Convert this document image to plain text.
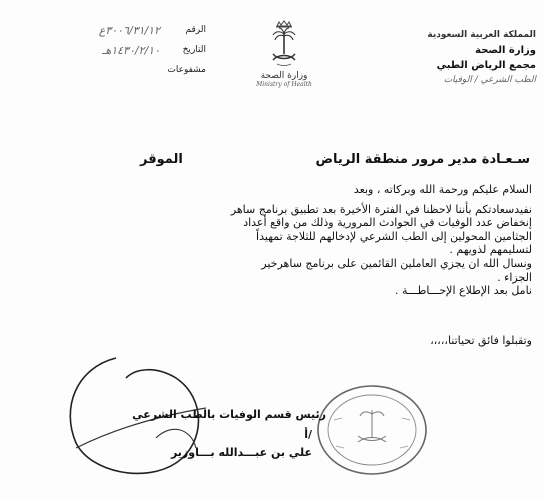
المملكة العربية السعودية
وزارة الصحة
مجمع الرياض الطبي
الطب الشرعي / الوفيات
وزارة الصحة
Ministry of Health
الرقم
٣٠٠٦/٣١/١٢ع
التاريخ
١٤٣٠/٢/١٠هـ
مشفوعات
سـعـادة مدير مرور منطقة الرياض
الموقر

السلام عليكم ورحمة الله وبركاته ، وبعد

نفيدسعادتكم بأننا لاحظنا في الفترة الأخيرة بعد تطبيق برنامج ساهر

إنخفاض عدد الوفيات في الحوادث المرورية وذلك من واقع أعداد

الجثامين المحولين إلى الطب الشرعي لإدخالهم للثلاجة تمهيداً

لتسليمهم لذويهم .

ونسال الله ان يجزي العاملين القائمين على برنامج ساهرخير

الجزاء .

نامل بعد الإطلاع الإحـــاطـــة .

وتقبلوا فائق تحياتنا،،،،،
رئيس قسم الوفيات بالطب الشرعي
أ/
علي بن عبـــدالله بـــاوزير
